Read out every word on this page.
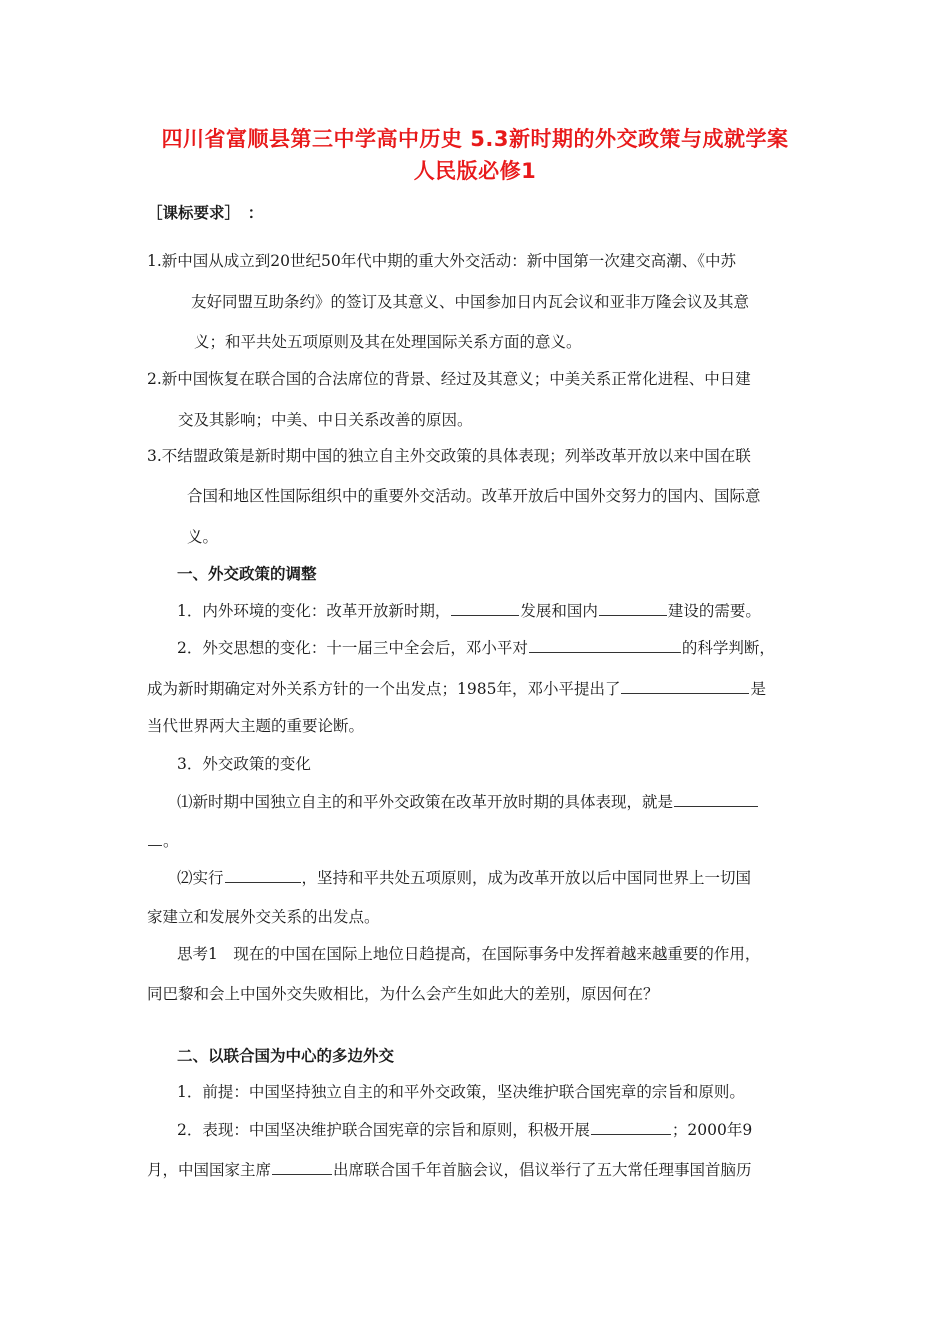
四川省富顺县第三中学高中历史 5.3新时期的外交政策与成就学案
人民版必修1
［课标要求］　：
1.新中国从成立到20世纪50年代中期的重大外交活动：新中国第一次建交高潮、《中苏
友好同盟互助条约》的签订及其意义、中国参加日内瓦会议和亚非万隆会议及其意
义；和平共处五项原则及其在处理国际关系方面的意义。
2.新中国恢复在联合国的合法席位的背景、经过及其意义；中美关系正常化进程、中日建
交及其影响；中美、中日关系改善的原因。
3.不结盟政策是新时期中国的独立自主外交政策的具体表现；列举改革开放以来中国在联
合国和地区性国际组织中的重要外交活动。改革开放后中国外交努力的国内、国际意
义。
一、外交政策的调整
1．内外环境的变化：改革开放新时期，	发展和国内	建设的需要。
2．外交思想的变化：十一届三中全会后，邓小平对	的科学判断，
成为新时期确定对外关系方针的一个出发点；1985年，邓小平提出了	是
当代世界两大主题的重要论断。
3．外交政策的变化
⑴新时期中国独立自主的和平外交政策在改革开放时期的具体表现，就是
。
⑵实行	，坚持和平共处五项原则，成为改革开放以后中国同世界上一切国
家建立和发展外交关系的出发点。
思考1　现在的中国在国际上地位日趋提高，在国际事务中发挥着越来越重要的作用，
同巴黎和会上中国外交失败相比，为什么会产生如此大的差别，原因何在？
二、以联合国为中心的多边外交
1．前提：中国坚持独立自主的和平外交政策，坚决维护联合国宪章的宗旨和原则。
2．表现：中国坚决维护联合国宪章的宗旨和原则，积极开展	；2000年9
月，中国国家主席	出席联合国千年首脑会议，倡议举行了五大常任理事国首脑历
